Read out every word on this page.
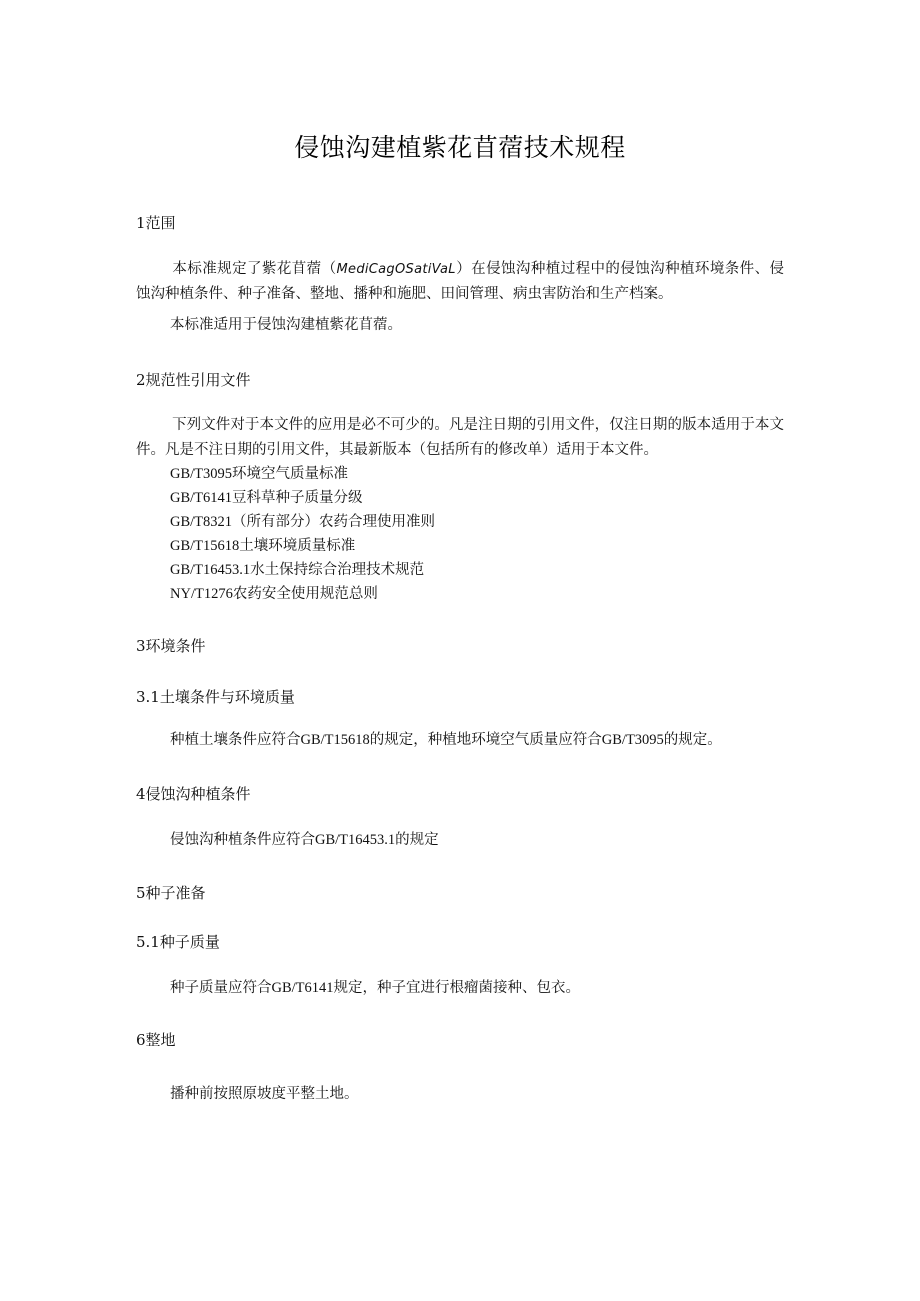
侵蚀沟建植紫花苜蓿技术规程
1范围
本标准规定了紫花苜蓿（MediCagOSatiVaL）在侵蚀沟种植过程中的侵蚀沟种植环境条件、侵蚀沟种植条件、种子准备、整地、播种和施肥、田间管理、病虫害防治和生产档案。
本标准适用于侵蚀沟建植紫花苜蓿。
2规范性引用文件
下列文件对于本文件的应用是必不可少的。凡是注日期的引用文件，仅注日期的版本适用于本文件。凡是不注日期的引用文件，其最新版本（包括所有的修改单）适用于本文件。
GB/T3095环境空气质量标准
GB/T6141豆科草种子质量分级
GB/T8321（所有部分）农药合理使用准则
GB/T15618土壤环境质量标准
GB/T16453.1水土保持综合治理技术规范
NY/T1276农药安全使用规范总则
3环境条件
3.1土壤条件与环境质量
种植土壤条件应符合GB/T15618的规定，种植地环境空气质量应符合GB/T3095的规定。
4侵蚀沟种植条件
侵蚀沟种植条件应符合GB/T16453.1的规定
5种子准备
5.1种子质量
种子质量应符合GB/T6141规定，种子宜进行根瘤菌接种、包衣。
6整地
播种前按照原坡度平整土地。
